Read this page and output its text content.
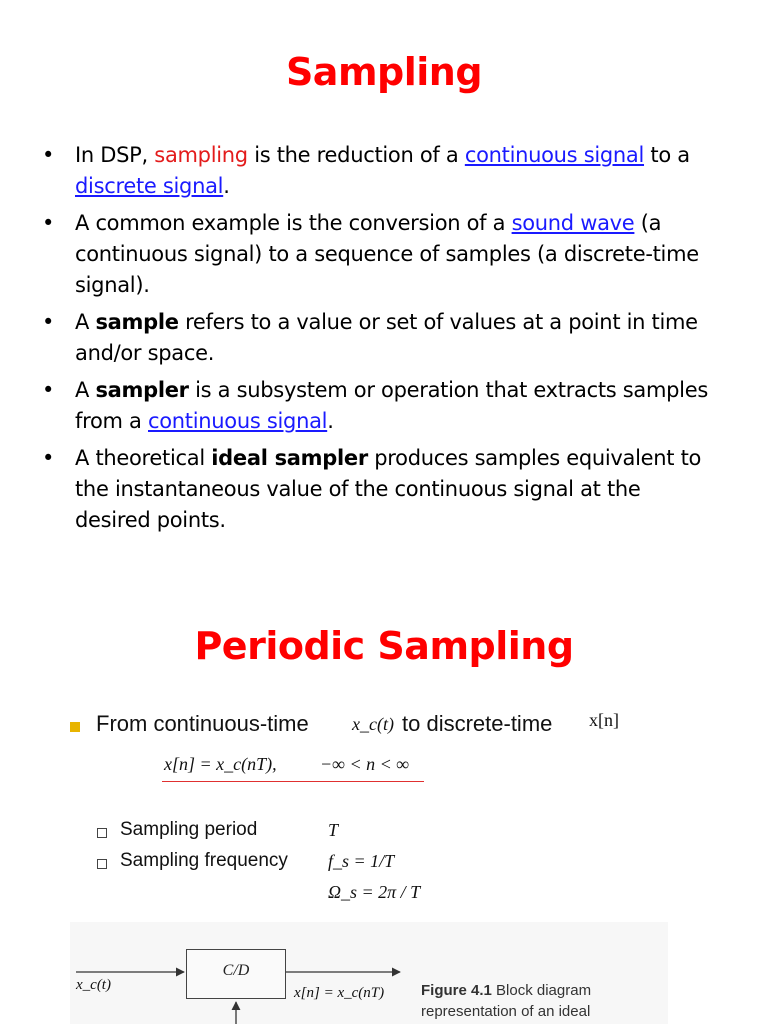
Sampling
• In DSP, sampling is the reduction of a continuous signal to a discrete signal.
• A common example is the conversion of a sound wave (a continuous signal) to a sequence of samples (a discrete-time signal).
• A sample refers to a value or set of values at a point in time and/or space.
• A sampler is a subsystem or operation that extracts samples from a continuous signal.
• A theoretical ideal sampler produces samples equivalent to the instantaneous value of the continuous signal at the desired points.
Periodic Sampling
From continuous-time x_c(t) to discrete-time x[n]
x[n] = x_c(nT), −∞ < n < ∞
Sampling period	T
Sampling frequency f_s = 1/T
Ω_s = 2π / T
C/D
x_c(t)	x[n] = x_c(nT) Figure 4.1 Block diagram representation of an ideal
